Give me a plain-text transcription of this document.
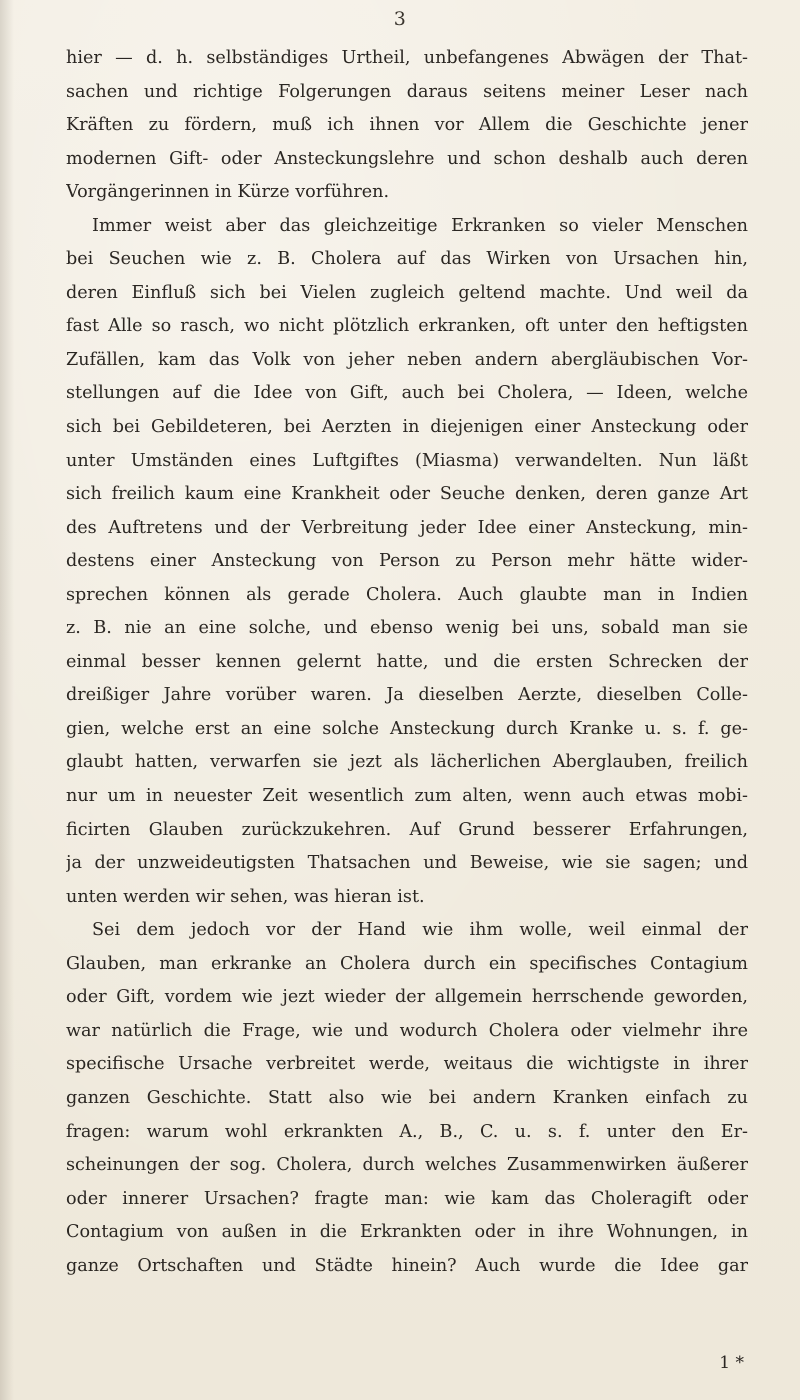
3
hier — d. h. selbständiges Urtheil, unbefangenes Abwägen der That-
sachen und richtige Folgerungen daraus seitens meiner Leser nach
Kräften zu fördern, muß ich ihnen vor Allem die Geschichte jener
modernen Gift- oder Ansteckungslehre und schon deshalb auch deren
Vorgängerinnen in Kürze vorführen.
Immer weist aber das gleichzeitige Erkranken so vieler Menschen
bei Seuchen wie z. B. Cholera auf das Wirken von Ursachen hin,
deren Einfluß sich bei Vielen zugleich geltend machte. Und weil da
fast Alle so rasch, wo nicht plötzlich erkranken, oft unter den heftigsten
Zufällen, kam das Volk von jeher neben andern abergläubischen Vor-
stellungen auf die Idee von Gift, auch bei Cholera, — Ideen, welche
sich bei Gebildeteren, bei Aerzten in diejenigen einer Ansteckung oder
unter Umständen eines Luftgiftes (Miasma) verwandelten. Nun läßt
sich freilich kaum eine Krankheit oder Seuche denken, deren ganze Art
des Auftretens und der Verbreitung jeder Idee einer Ansteckung, min-
destens einer Ansteckung von Person zu Person mehr hätte wider-
sprechen können als gerade Cholera. Auch glaubte man in Indien
z. B. nie an eine solche, und ebenso wenig bei uns, sobald man sie
einmal besser kennen gelernt hatte, und die ersten Schrecken der
dreißiger Jahre vorüber waren. Ja dieselben Aerzte, dieselben Colle-
gien, welche erst an eine solche Ansteckung durch Kranke u. s. f. ge-
glaubt hatten, verwarfen sie jezt als lächerlichen Aberglauben, freilich
nur um in neuester Zeit wesentlich zum alten, wenn auch etwas mobi-
ficirten Glauben zurückzukehren. Auf Grund besserer Erfahrungen,
ja der unzweideutigsten Thatsachen und Beweise, wie sie sagen; und
unten werden wir sehen, was hieran ist.
Sei dem jedoch vor der Hand wie ihm wolle, weil einmal der
Glauben, man erkranke an Cholera durch ein specifisches Contagium
oder Gift, vordem wie jezt wieder der allgemein herrschende geworden,
war natürlich die Frage, wie und wodurch Cholera oder vielmehr ihre
specifische Ursache verbreitet werde, weitaus die wichtigste in ihrer
ganzen Geschichte. Statt also wie bei andern Kranken einfach zu
fragen: warum wohl erkrankten A., B., C. u. s. f. unter den Er-
scheinungen der sog. Cholera, durch welches Zusammenwirken äußerer
oder innerer Ursachen? fragte man: wie kam das Choleragift oder
Contagium von außen in die Erkrankten oder in ihre Wohnungen, in
ganze Ortschaften und Städte hinein? Auch wurde die Idee gar
1 *
